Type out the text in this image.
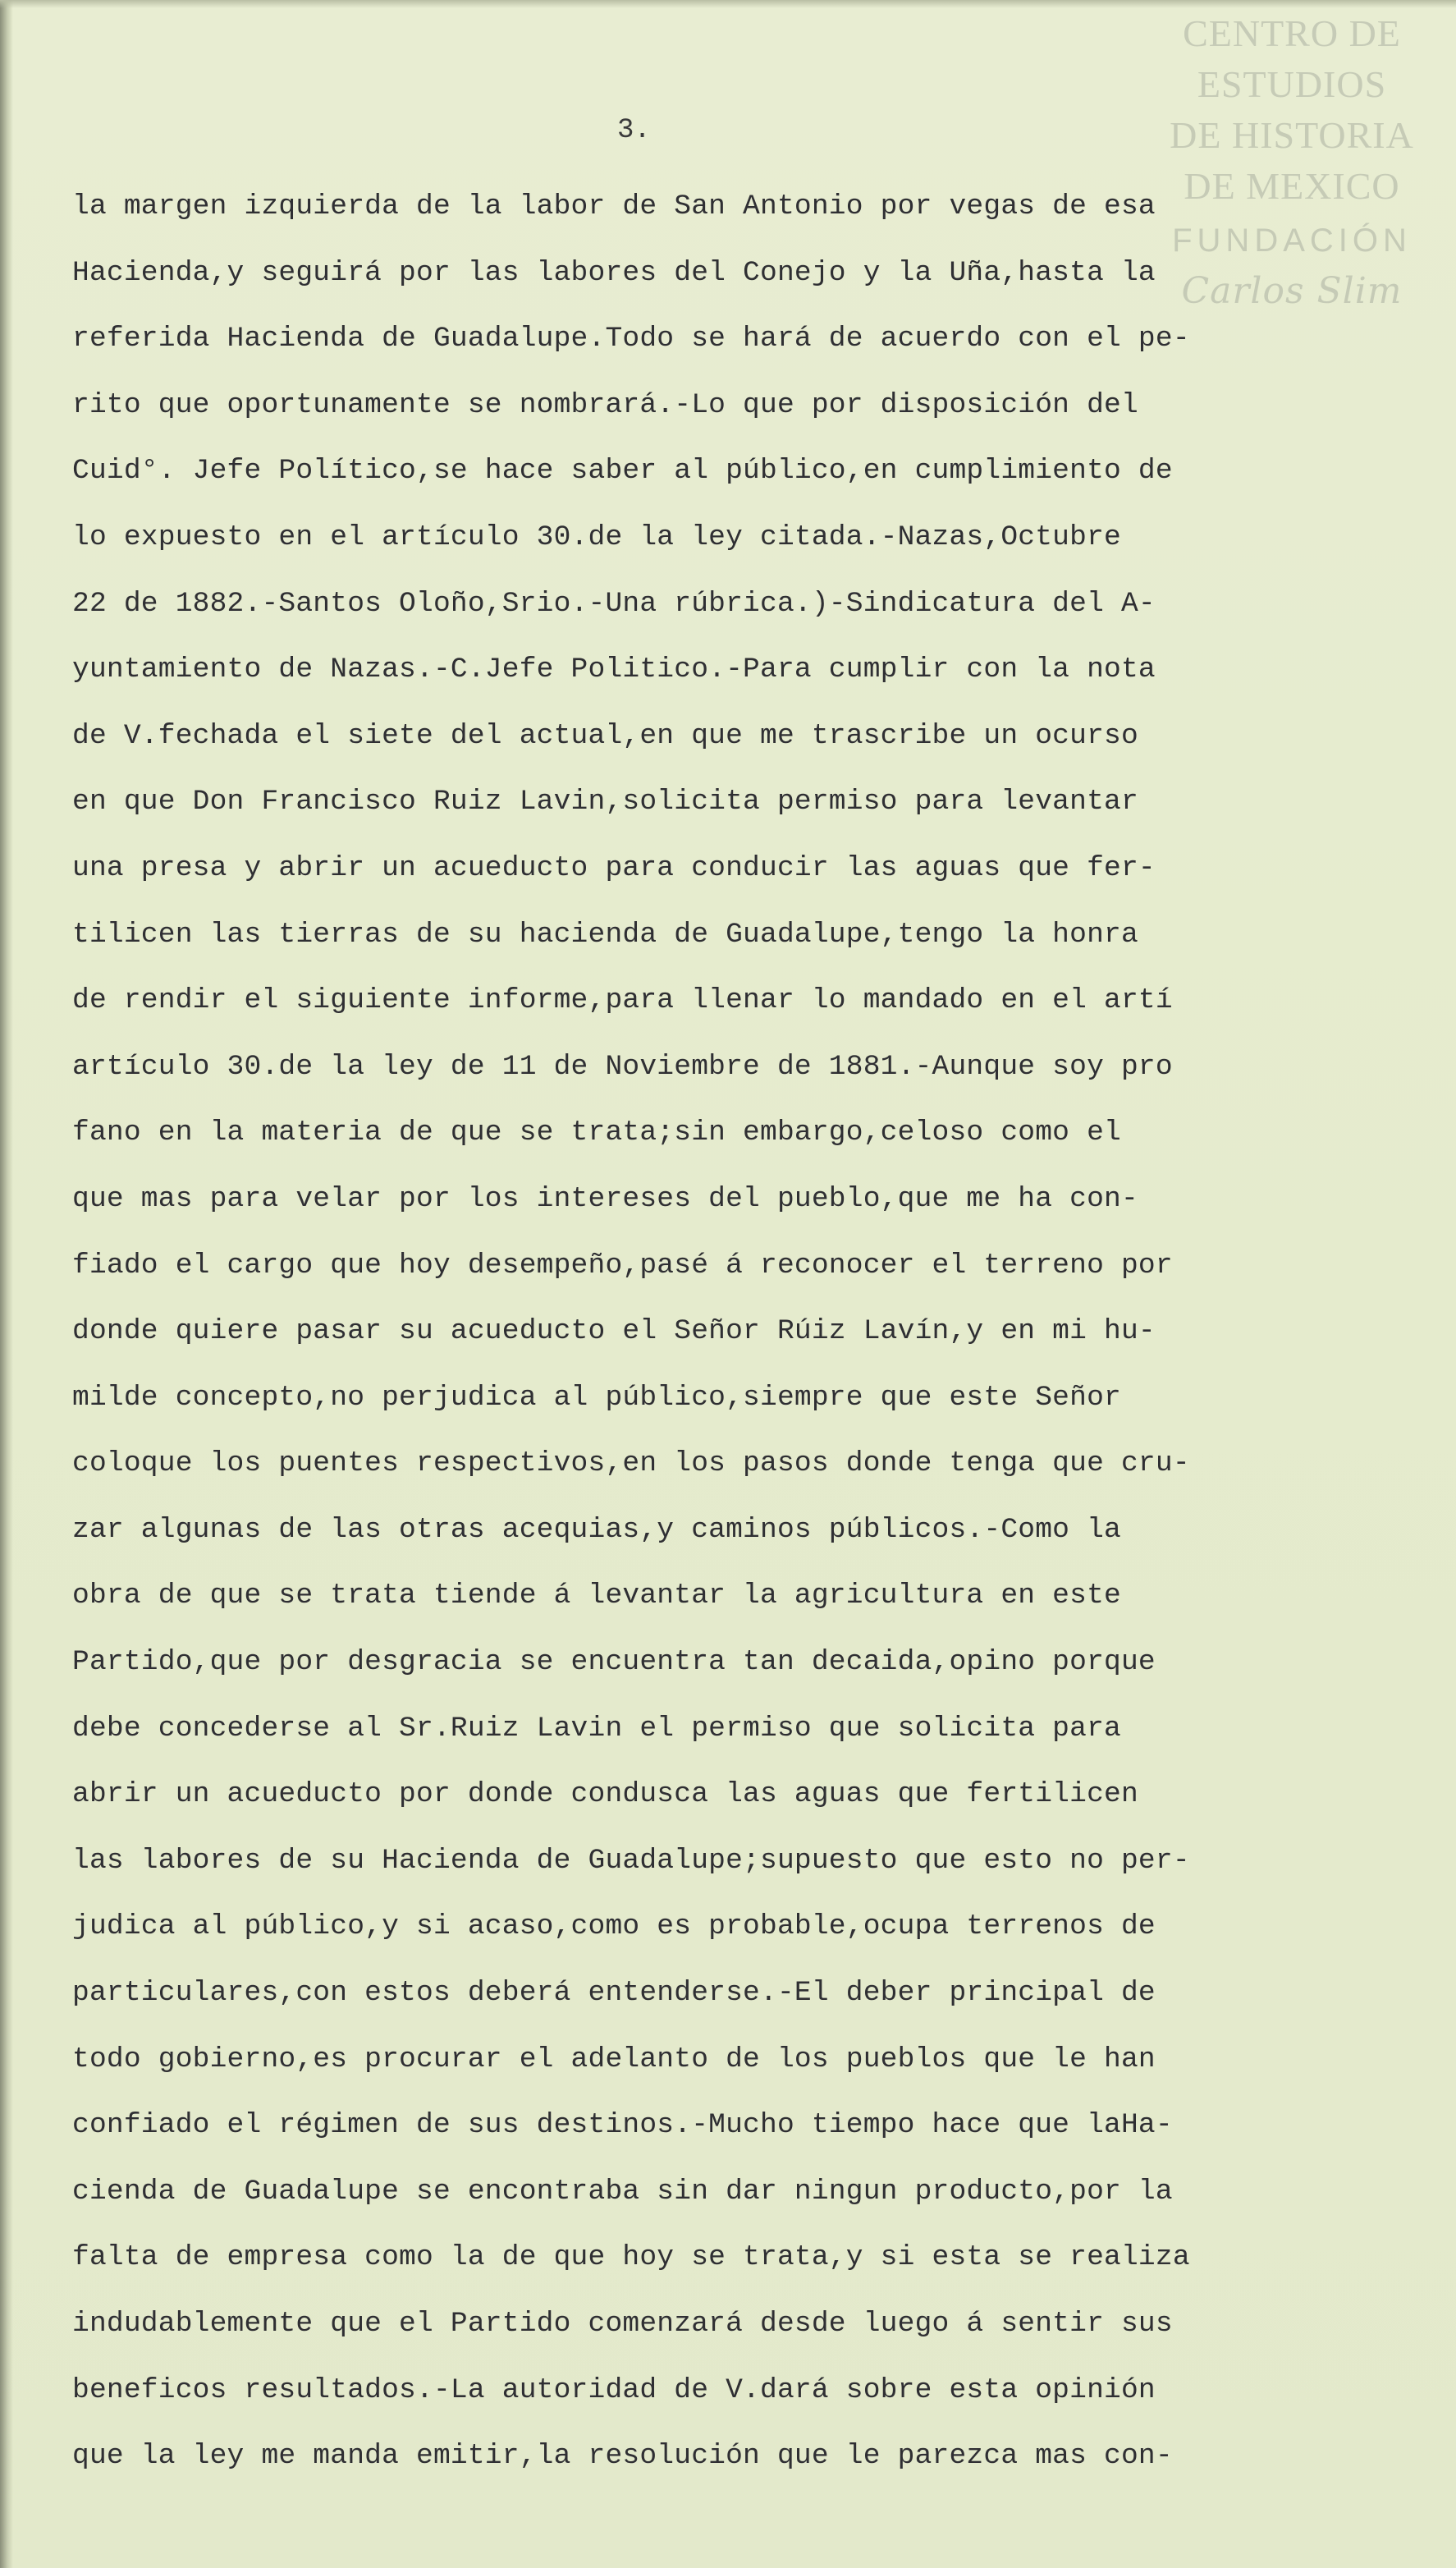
CENTRO DE
ESTUDIOS
DE HISTORIA
DE MEXICO
FUNDACIÓN
Carlos Slim
3.
la margen izquierda de la labor de San Antonio por vegas de esa
Hacienda,y seguirá por las labores del Conejo y la Uña,hasta la
referida Hacienda de Guadalupe.Todo se hará de acuerdo con el pe-
rito que oportunamente se nombrará.-Lo que por disposición del
Cuid°. Jefe Político,se hace saber al público,en cumplimiento de
lo expuesto en el artículo 30.de la ley citada.-Nazas,Octubre
22 de 1882.-Santos Oloño,Srio.-Una rúbrica.)-Sindicatura del A-
yuntamiento de Nazas.-C.Jefe Politico.-Para cumplir con la nota
de V.fechada el siete del actual,en que me trascribe un ocurso
en que Don Francisco Ruiz Lavin,solicita permiso para levantar
una presa y abrir un acueducto para conducir las aguas que fer-
tilicen las tierras de su hacienda de Guadalupe,tengo la honra
de rendir el siguiente informe,para llenar lo mandado en el artí
artículo 30.de la ley de 11 de Noviembre de 1881.-Aunque soy pro
fano en la materia de que se trata;sin embargo,celoso como el
que mas para velar por los intereses del pueblo,que me ha con-
fiado el cargo que hoy desempeño,pasé á reconocer el terreno por
donde quiere pasar su acueducto el Señor Rúiz Lavín,y en mi hu-
milde concepto,no perjudica al público,siempre que este Señor
coloque los puentes respectivos,en los pasos donde tenga que cru-
zar algunas de las otras acequias,y caminos públicos.-Como la
obra de que se trata tiende á levantar la agricultura en este
Partido,que por desgracia se encuentra tan decaida,opino porque
debe concederse al Sr.Ruiz Lavin el permiso que solicita para
abrir un acueducto por donde condusca las aguas que fertilicen
las labores de su Hacienda de Guadalupe;supuesto que esto no per-
judica al público,y si acaso,como es probable,ocupa terrenos de
particulares,con estos deberá entenderse.-El deber principal de
todo gobierno,es procurar el adelanto de los pueblos que le han
confiado el régimen de sus destinos.-Mucho tiempo hace que laHa-
cienda de Guadalupe se encontraba sin dar ningun producto,por la
falta de empresa como la de que hoy se trata,y si esta se realiza
indudablemente que el Partido comenzará desde luego á sentir sus
beneficos resultados.-La autoridad de V.dará sobre esta opinión
que la ley me manda emitir,la resolución que le parezca mas con-
